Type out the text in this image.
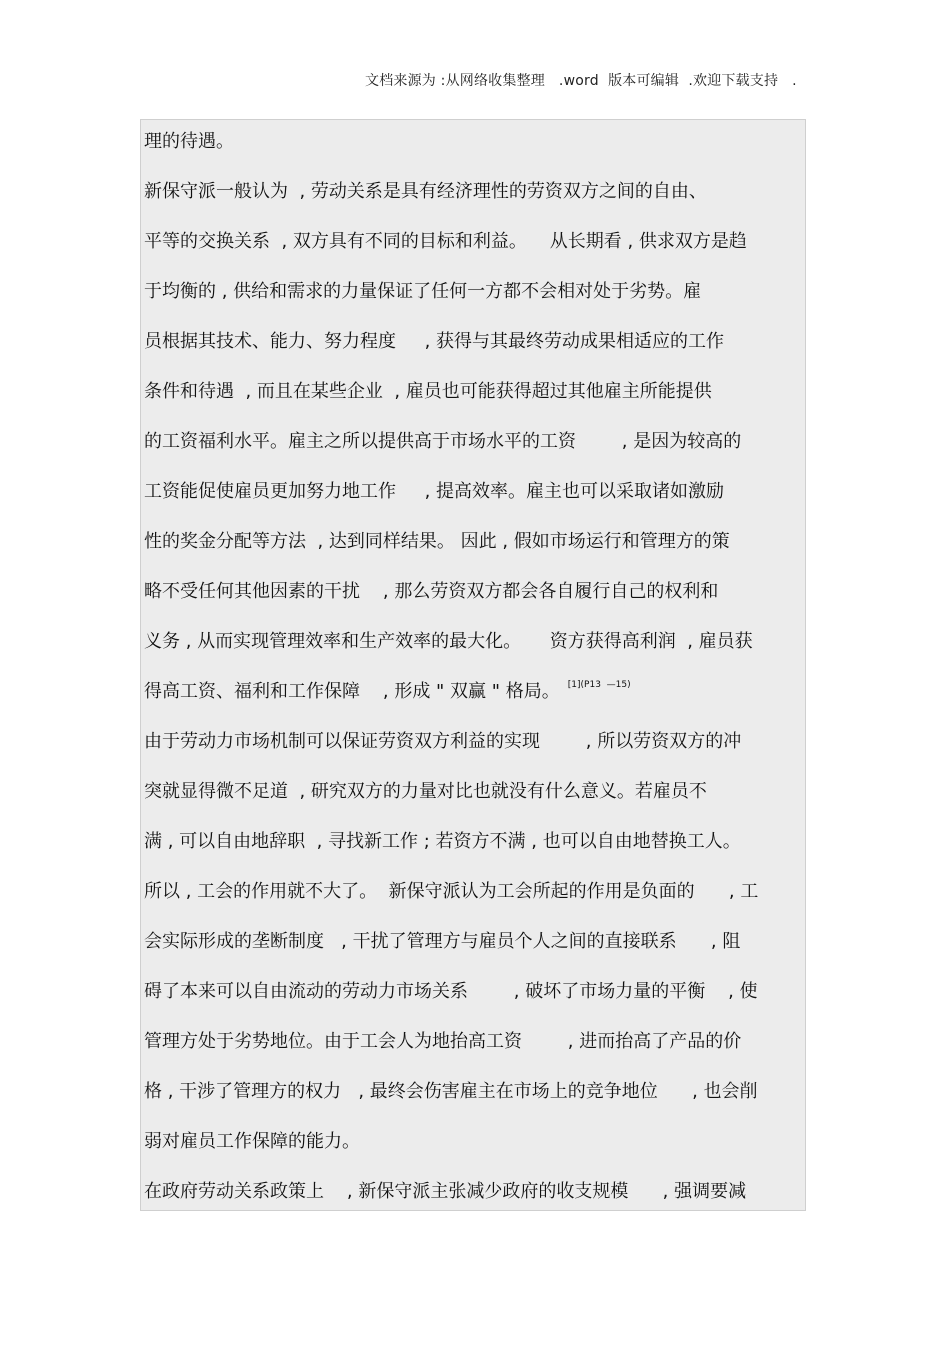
文档来源为 :从网络收集整理   .word  版本可编辑  .欢迎下载支持   .
理的待遇。
新保守派一般认为  , 劳动关系是具有经济理性的劳资双方之间的自由、
平等的交换关系  , 双方具有不同的目标和利益。    从长期看 , 供求双方是趋
于均衡的 , 供给和需求的力量保证了任何一方都不会相对处于劣势。雇
员根据其技术、能力、努力程度     , 获得与其最终劳动成果相适应的工作
条件和待遇  , 而且在某些企业  , 雇员也可能获得超过其他雇主所能提供
的工资福利水平。雇主之所以提供高于市场水平的工资        , 是因为较高的
工资能促使雇员更加努力地工作     , 提高效率。雇主也可以采取诸如激励
性的奖金分配等方法  , 达到同样结果。 因此 , 假如市场运行和管理方的策
略不受任何其他因素的干扰    , 那么劳资双方都会各自履行自己的权利和
义务 , 从而实现管理效率和生产效率的最大化。     资方获得高利润  , 雇员获
得高工资、福利和工作保障    , 形成 " 双赢 " 格局。 $^{[1](P13 —15)}$
由于劳动力市场机制可以保证劳资双方利益的实现        , 所以劳资双方的冲
突就显得微不足道  , 研究双方的力量对比也就没有什么意义。若雇员不
满 , 可以自由地辞职  , 寻找新工作 ; 若资方不满 , 也可以自由地替换工人。
所以 , 工会的作用就不大了。  新保守派认为工会所起的作用是负面的      , 工
会实际形成的垄断制度   , 干扰了管理方与雇员个人之间的直接联系      , 阻
碍了本来可以自由流动的劳动力市场关系        , 破坏了市场力量的平衡    , 使
管理方处于劣势地位。由于工会人为地抬高工资        , 进而抬高了产品的价
格 , 干涉了管理方的权力   , 最终会伤害雇主在市场上的竞争地位      , 也会削
弱对雇员工作保障的能力。
在政府劳动关系政策上    , 新保守派主张减少政府的收支规模      , 强调要减
